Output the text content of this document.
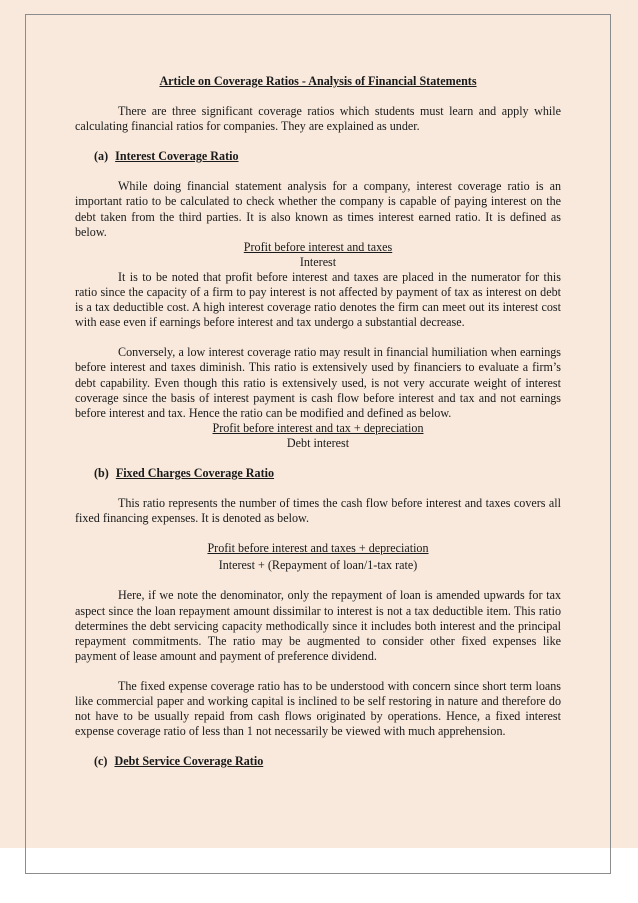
Article on Coverage Ratios - Analysis of Financial Statements

There are three significant coverage ratios which students must learn and apply while calculating financial ratios for companies. They are explained as under.

(a) Interest Coverage Ratio

While doing financial statement analysis for a company, interest coverage ratio is an important ratio to be calculated to check whether the company is capable of paying interest on the debt taken from the third parties. It is also known as times interest earned ratio. It is defined as below.

Profit before interest and taxes
Interest

It is to be noted that profit before interest and taxes are placed in the numerator for this ratio since the capacity of a firm to pay interest is not affected by payment of tax as interest on debt is a tax deductible cost. A high interest coverage ratio denotes the firm can meet out its interest cost with ease even if earnings before interest and tax undergo a substantial decrease.

Conversely, a low interest coverage ratio may result in financial humiliation when earnings before interest and taxes diminish. This ratio is extensively used by financiers to evaluate a firm’s debt capability. Even though this ratio is extensively used, is not very accurate weight of interest coverage since the basis of interest payment is cash flow before interest and tax and not earnings before interest and tax. Hence the ratio can be modified and defined as below.

Profit before interest and tax + depreciation
Debt interest
(b) Fixed Charges Coverage Ratio

This ratio represents the number of times the cash flow before interest and taxes covers all fixed financing expenses. It is denoted as below.

Profit before interest and taxes + depreciation
Interest + (Repayment of loan/1-tax rate)

Here, if we note the denominator, only the repayment of loan is amended upwards for tax aspect since the loan repayment amount dissimilar to interest is not a tax deductible item. This ratio determines the debt servicing capacity methodically since it includes both interest and the principal repayment commitments. The ratio may be augmented to consider other fixed expenses like payment of lease amount and payment of preference dividend.

The fixed expense coverage ratio has to be understood with concern since short term loans like commercial paper and working capital is inclined to be self restoring in nature and therefore do not have to be usually repaid from cash flows originated by operations. Hence, a fixed interest expense coverage ratio of less than 1 not necessarily be viewed with much apprehension.

(c) Debt Service Coverage Ratio
